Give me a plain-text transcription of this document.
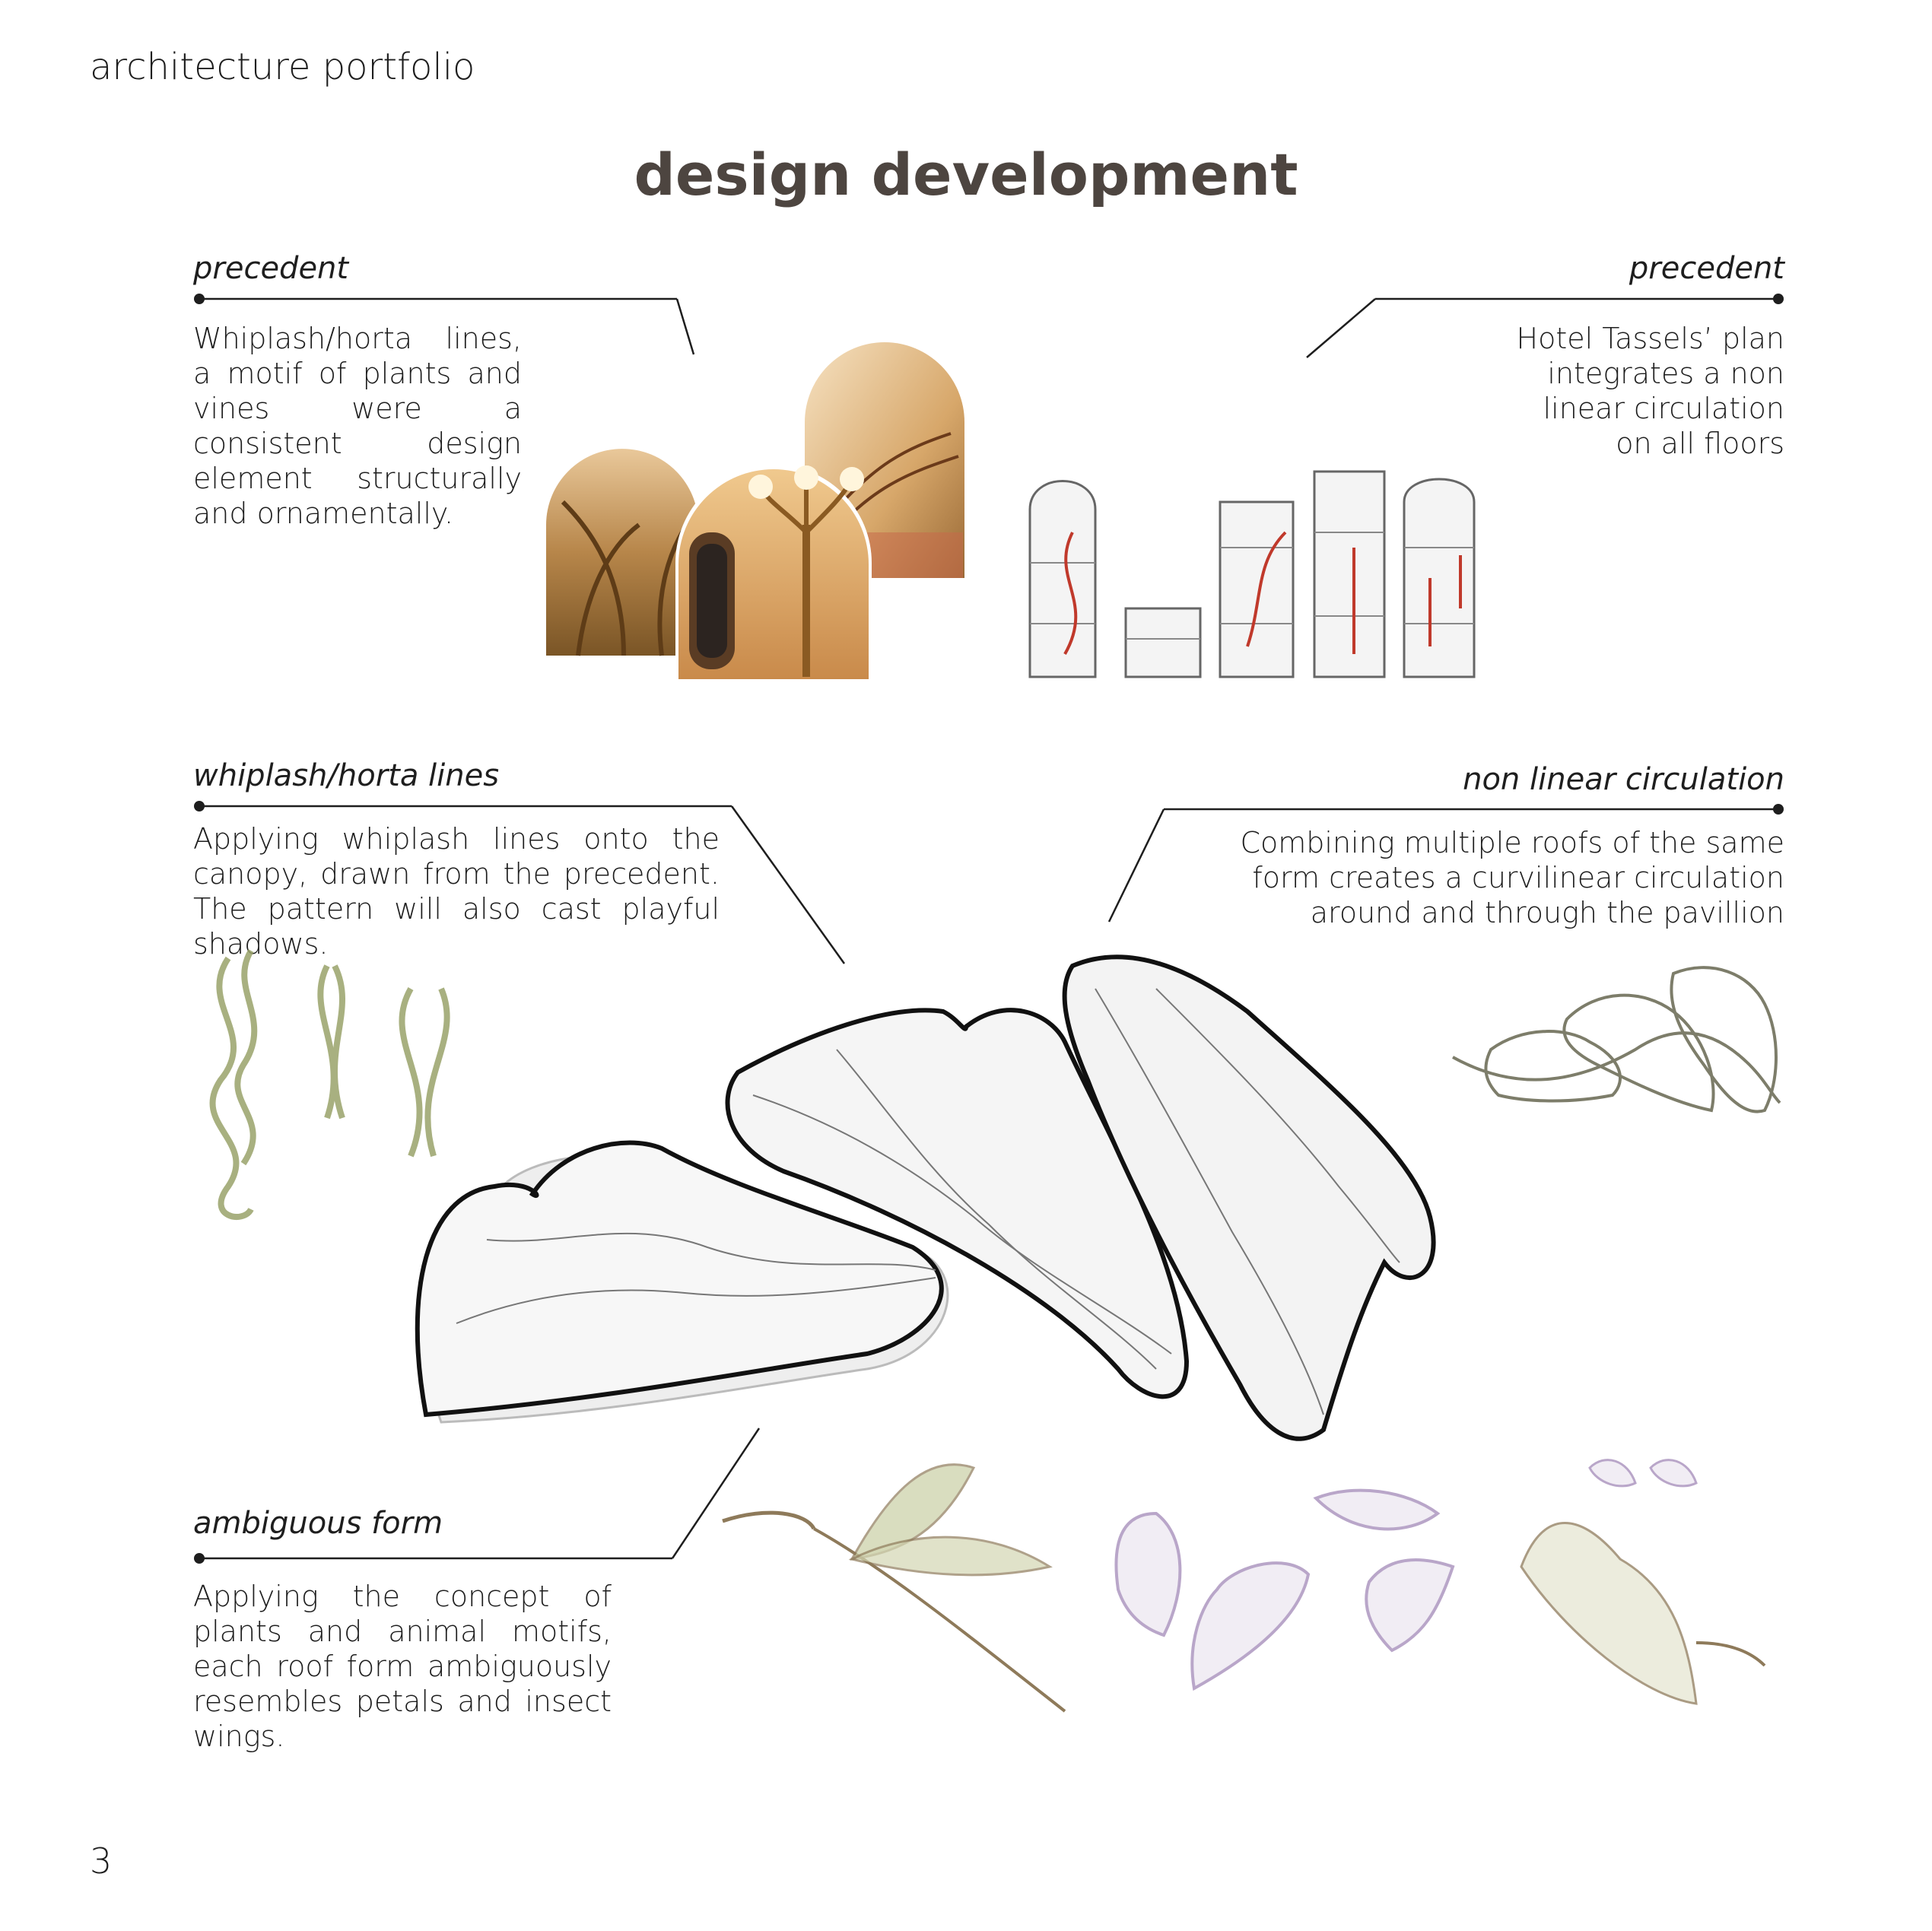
architecture portfolio
design development
3
precedent
Whiplash/horta lines, a motif of plants and vines were a consistent design element structurally and ornamentally.
precedent
Hotel Tassels’ plan integrates a non linear circulation on all floors
whiplash/horta lines
Applying whiplash lines onto the canopy, drawn from the precedent. The pattern will also cast playful shadows.
non linear circulation
Combining multiple roofs of the same form creates a curvilinear circulation around and through the pavillion
ambiguous form
Applying the concept of plants and animal motifs, each roof form ambiguously resembles petals and insect wings.
